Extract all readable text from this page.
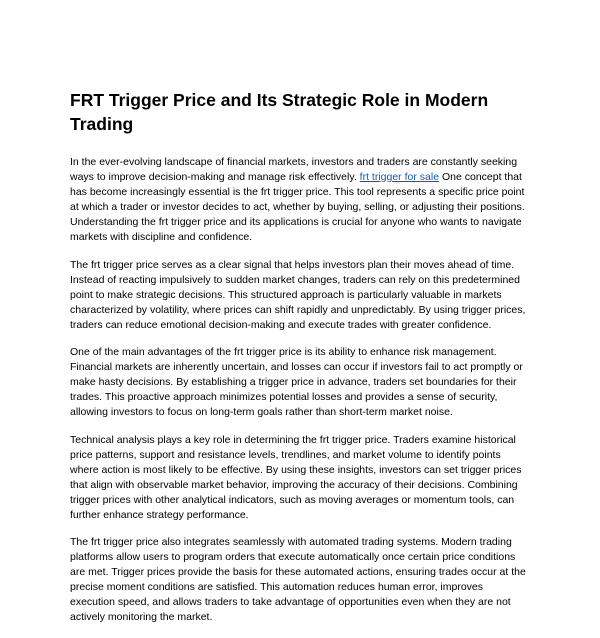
FRT Trigger Price and Its Strategic Role in Modern Trading

In the ever-evolving landscape of financial markets, investors and traders are constantly seeking ways to improve decision-making and manage risk effectively. frt trigger for sale One concept that has become increasingly essential is the frt trigger price. This tool represents a specific price point at which a trader or investor decides to act, whether by buying, selling, or adjusting their positions. Understanding the frt trigger price and its applications is crucial for anyone who wants to navigate markets with discipline and confidence.

The frt trigger price serves as a clear signal that helps investors plan their moves ahead of time. Instead of reacting impulsively to sudden market changes, traders can rely on this predetermined point to make strategic decisions. This structured approach is particularly valuable in markets characterized by volatility, where prices can shift rapidly and unpredictably. By using trigger prices, traders can reduce emotional decision-making and execute trades with greater confidence.

One of the main advantages of the frt trigger price is its ability to enhance risk management. Financial markets are inherently uncertain, and losses can occur if investors fail to act promptly or make hasty decisions. By establishing a trigger price in advance, traders set boundaries for their trades. This proactive approach minimizes potential losses and provides a sense of security, allowing investors to focus on long-term goals rather than short-term market noise.

Technical analysis plays a key role in determining the frt trigger price. Traders examine historical price patterns, support and resistance levels, trendlines, and market volume to identify points where action is most likely to be effective. By using these insights, investors can set trigger prices that align with observable market behavior, improving the accuracy of their decisions. Combining trigger prices with other analytical indicators, such as moving averages or momentum tools, can further enhance strategy performance.

The frt trigger price also integrates seamlessly with automated trading systems. Modern trading platforms allow users to program orders that execute automatically once certain price conditions are met. Trigger prices provide the basis for these automated actions, ensuring trades occur at the precise moment conditions are satisfied. This automation reduces human error, improves execution speed, and allows traders to take advantage of opportunities even when they are not actively monitoring the market.
